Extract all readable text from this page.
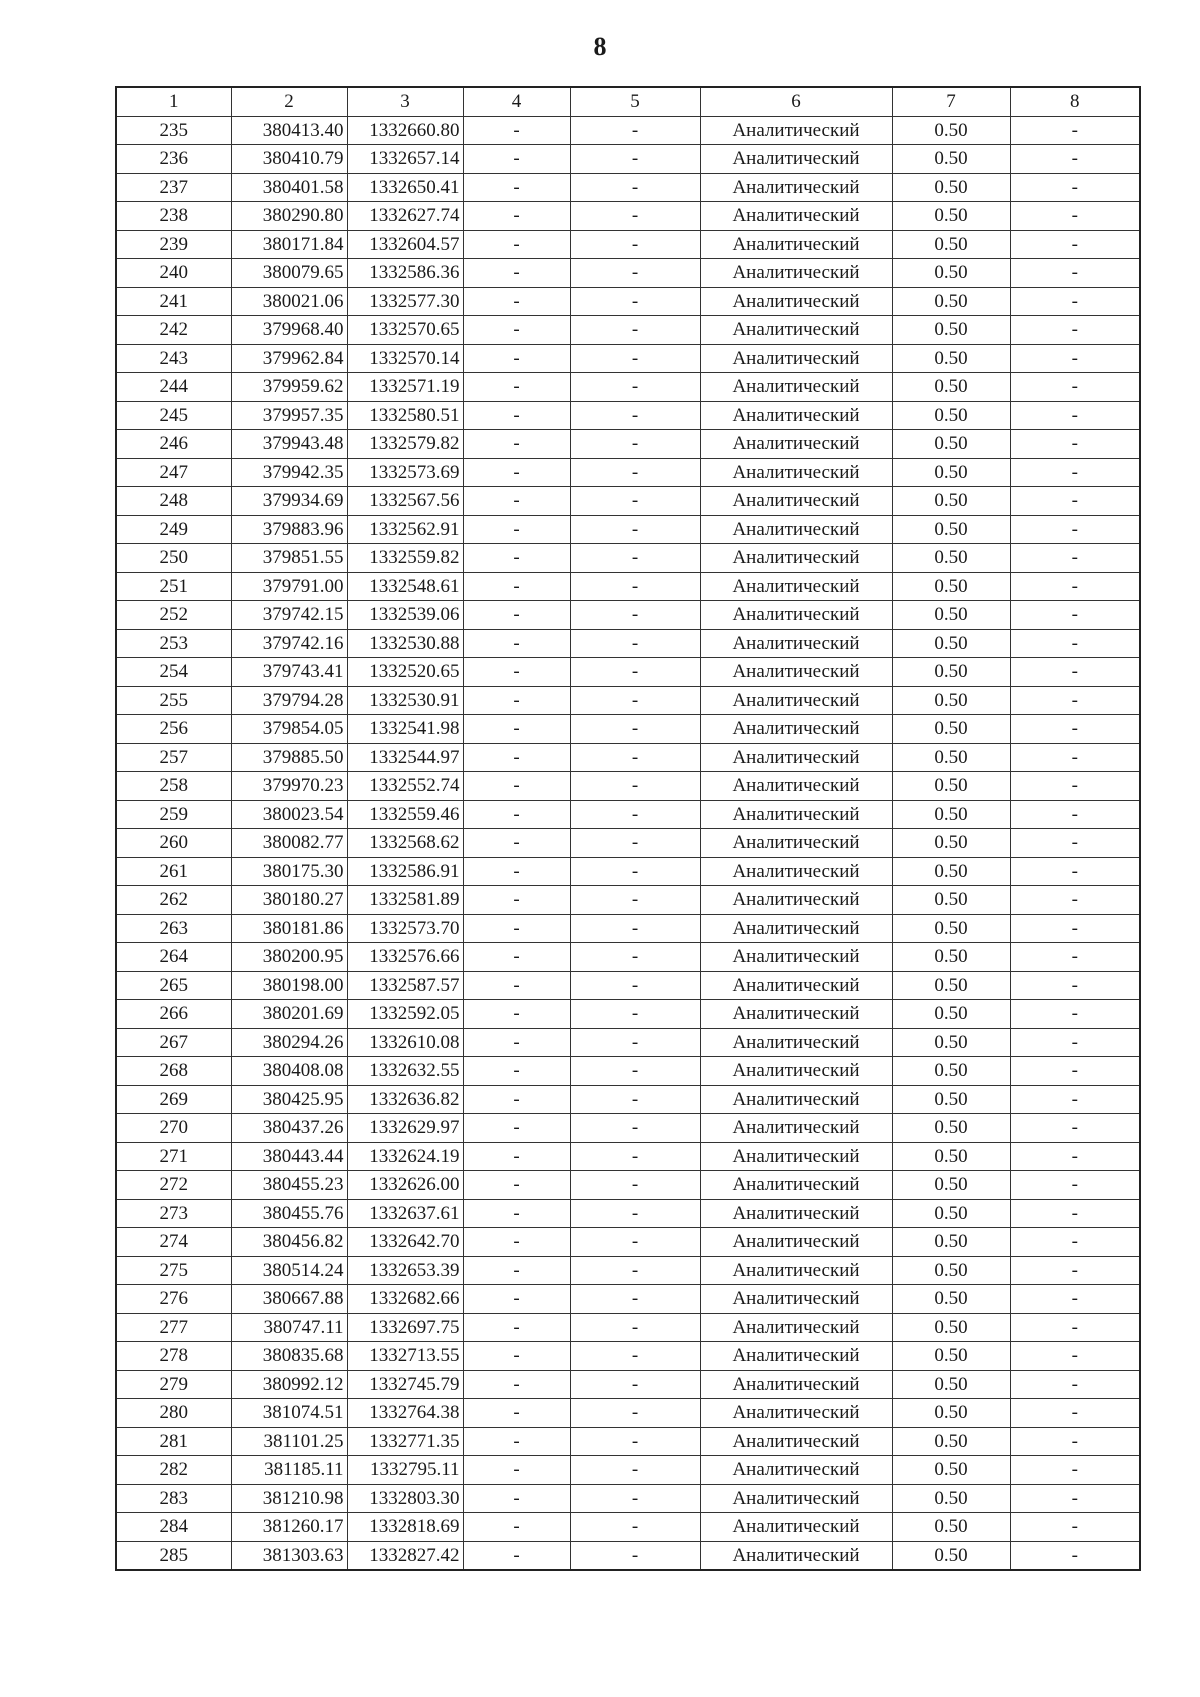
8
1	2	3	4	5	6	7	8
235	380413.40	1332660.80	-	-	Аналитический	0.50	-
236	380410.79	1332657.14	-	-	Аналитический	0.50	-
237	380401.58	1332650.41	-	-	Аналитический	0.50	-
238	380290.80	1332627.74	-	-	Аналитический	0.50	-
239	380171.84	1332604.57	-	-	Аналитический	0.50	-
240	380079.65	1332586.36	-	-	Аналитический	0.50	-
241	380021.06	1332577.30	-	-	Аналитический	0.50	-
242	379968.40	1332570.65	-	-	Аналитический	0.50	-
243	379962.84	1332570.14	-	-	Аналитический	0.50	-
244	379959.62	1332571.19	-	-	Аналитический	0.50	-
245	379957.35	1332580.51	-	-	Аналитический	0.50	-
246	379943.48	1332579.82	-	-	Аналитический	0.50	-
247	379942.35	1332573.69	-	-	Аналитический	0.50	-
248	379934.69	1332567.56	-	-	Аналитический	0.50	-
249	379883.96	1332562.91	-	-	Аналитический	0.50	-
250	379851.55	1332559.82	-	-	Аналитический	0.50	-
251	379791.00	1332548.61	-	-	Аналитический	0.50	-
252	379742.15	1332539.06	-	-	Аналитический	0.50	-
253	379742.16	1332530.88	-	-	Аналитический	0.50	-
254	379743.41	1332520.65	-	-	Аналитический	0.50	-
255	379794.28	1332530.91	-	-	Аналитический	0.50	-
256	379854.05	1332541.98	-	-	Аналитический	0.50	-
257	379885.50	1332544.97	-	-	Аналитический	0.50	-
258	379970.23	1332552.74	-	-	Аналитический	0.50	-
259	380023.54	1332559.46	-	-	Аналитический	0.50	-
260	380082.77	1332568.62	-	-	Аналитический	0.50	-
261	380175.30	1332586.91	-	-	Аналитический	0.50	-
262	380180.27	1332581.89	-	-	Аналитический	0.50	-
263	380181.86	1332573.70	-	-	Аналитический	0.50	-
264	380200.95	1332576.66	-	-	Аналитический	0.50	-
265	380198.00	1332587.57	-	-	Аналитический	0.50	-
266	380201.69	1332592.05	-	-	Аналитический	0.50	-
267	380294.26	1332610.08	-	-	Аналитический	0.50	-
268	380408.08	1332632.55	-	-	Аналитический	0.50	-
269	380425.95	1332636.82	-	-	Аналитический	0.50	-
270	380437.26	1332629.97	-	-	Аналитический	0.50	-
271	380443.44	1332624.19	-	-	Аналитический	0.50	-
272	380455.23	1332626.00	-	-	Аналитический	0.50	-
273	380455.76	1332637.61	-	-	Аналитический	0.50	-
274	380456.82	1332642.70	-	-	Аналитический	0.50	-
275	380514.24	1332653.39	-	-	Аналитический	0.50	-
276	380667.88	1332682.66	-	-	Аналитический	0.50	-
277	380747.11	1332697.75	-	-	Аналитический	0.50	-
278	380835.68	1332713.55	-	-	Аналитический	0.50	-
279	380992.12	1332745.79	-	-	Аналитический	0.50	-
280	381074.51	1332764.38	-	-	Аналитический	0.50	-
281	381101.25	1332771.35	-	-	Аналитический	0.50	-
282	381185.11	1332795.11	-	-	Аналитический	0.50	-
283	381210.98	1332803.30	-	-	Аналитический	0.50	-
284	381260.17	1332818.69	-	-	Аналитический	0.50	-
285	381303.63	1332827.42	-	-	Аналитический	0.50	-
